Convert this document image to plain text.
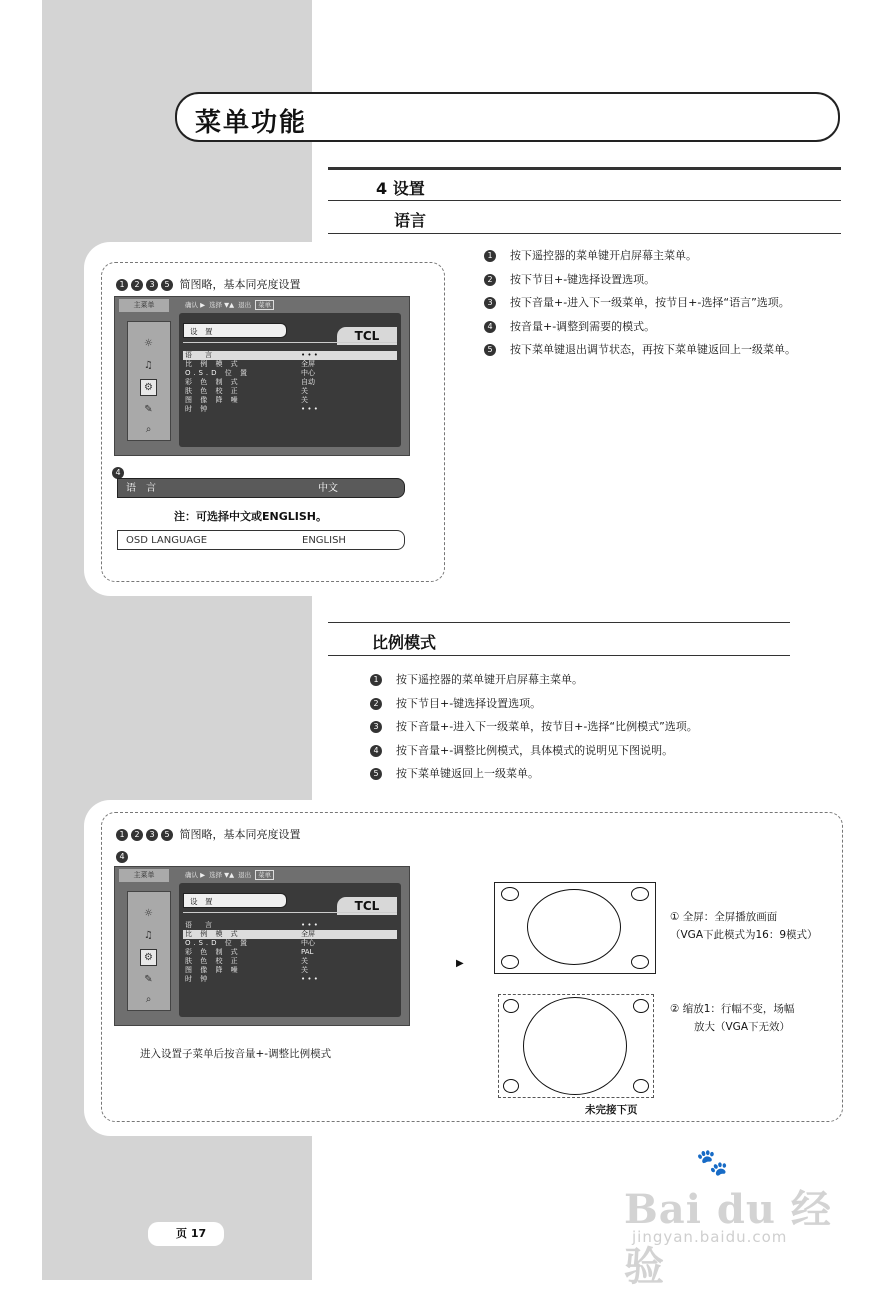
菜单功能
4 设置
语言
1 按下遥控器的菜单键开启屏幕主菜单。
2 按下节目+-键选择设置选项。
3 按下音量+-进入下一级菜单，按节目+-选择“语言”选项。
4 按音量+-调整到需要的模式。
5 按下菜单键退出调节状态，再按下菜单键返回上一级菜单。
1 2 3 5 简图略，基本同亮度设置
主菜单	确认 ▶ 选择 ▼▲ 退出 菜单
☼
♫
⚙
✎
⌕
TCL
设　置
语　言	• • •
比 例 模 式	全屏
O.S.D 位 置	中心
彩 色 制 式	自动
肤 色 校 正	关
图 像 降 噪	关
时 钟	• • •
4
语　言	中文
注：可选择中文或ENGLISH。
OSD LANGUAGE	ENGLISH
比例模式
1 按下遥控器的菜单键开启屏幕主菜单。
2 按下节目+-键选择设置选项。
3 按下音量+-进入下一级菜单，按节目+-选择“比例模式”选项。
4 按下音量+-调整比例模式，具体模式的说明见下图说明。
5 按下菜单键返回上一级菜单。
1 2 3 5 简图略，基本同亮度设置
4
主菜单	确认 ▶ 选择 ▼▲ 退出 菜单
☼
♫
⚙
✎
⌕
TCL
设　置
语　言	• • •
比 例 模 式	全屏
O.S.D 位 置	中心
彩 色 制 式	PAL
肤 色 校 正	关
图 像 降 噪	关
时 钟	• • •
进入设置子菜单后按音量+-调整比例模式
▶
① 全屏：全屏播放画面
（VGA下此模式为16：9模式）
② 缩放1：行幅不变，场幅
放大（VGA下无效）
未完接下页
页 17
🐾
Bai du 经验
jingyan.baidu.com
